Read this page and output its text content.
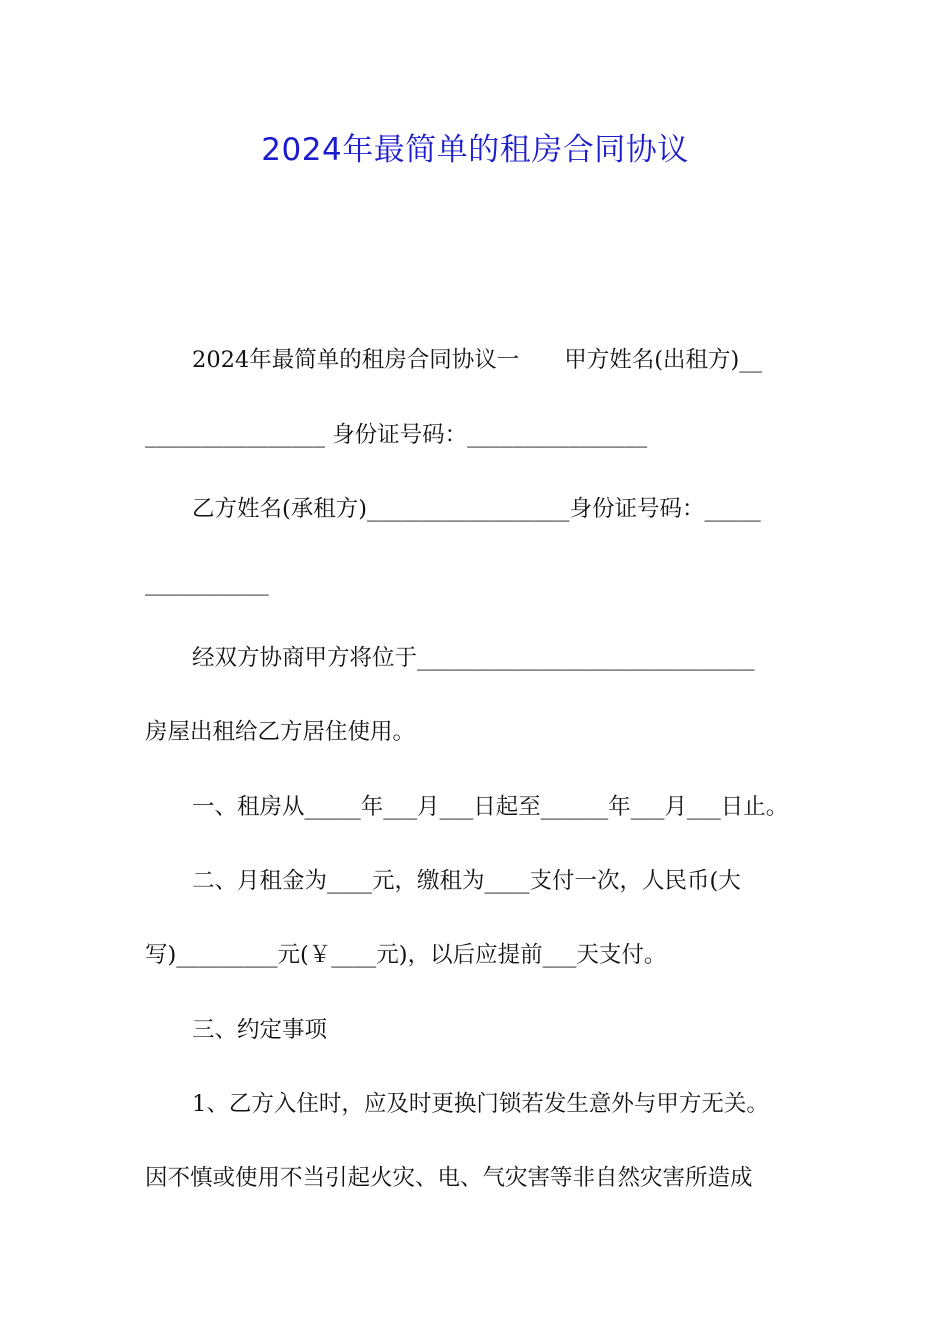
2024年最简单的租房合同协议
2024年最简单的租房合同协议一　　甲方姓名(出租方)__
________________ 身份证号码：________________
乙方姓名(承租方)__________________身份证号码：_____
___________
经双方协商甲方将位于______________________________
房屋出租给乙方居住使用。
一、租房从_____年___月___日起至______年___月___日止。
二、月租金为____元，缴租为____支付一次，人民币(大
写)_________元(￥____元)，以后应提前___天支付。
三、约定事项
1、乙方入住时，应及时更换门锁若发生意外与甲方无关。
因不慎或使用不当引起火灾、电、气灾害等非自然灾害所造成
